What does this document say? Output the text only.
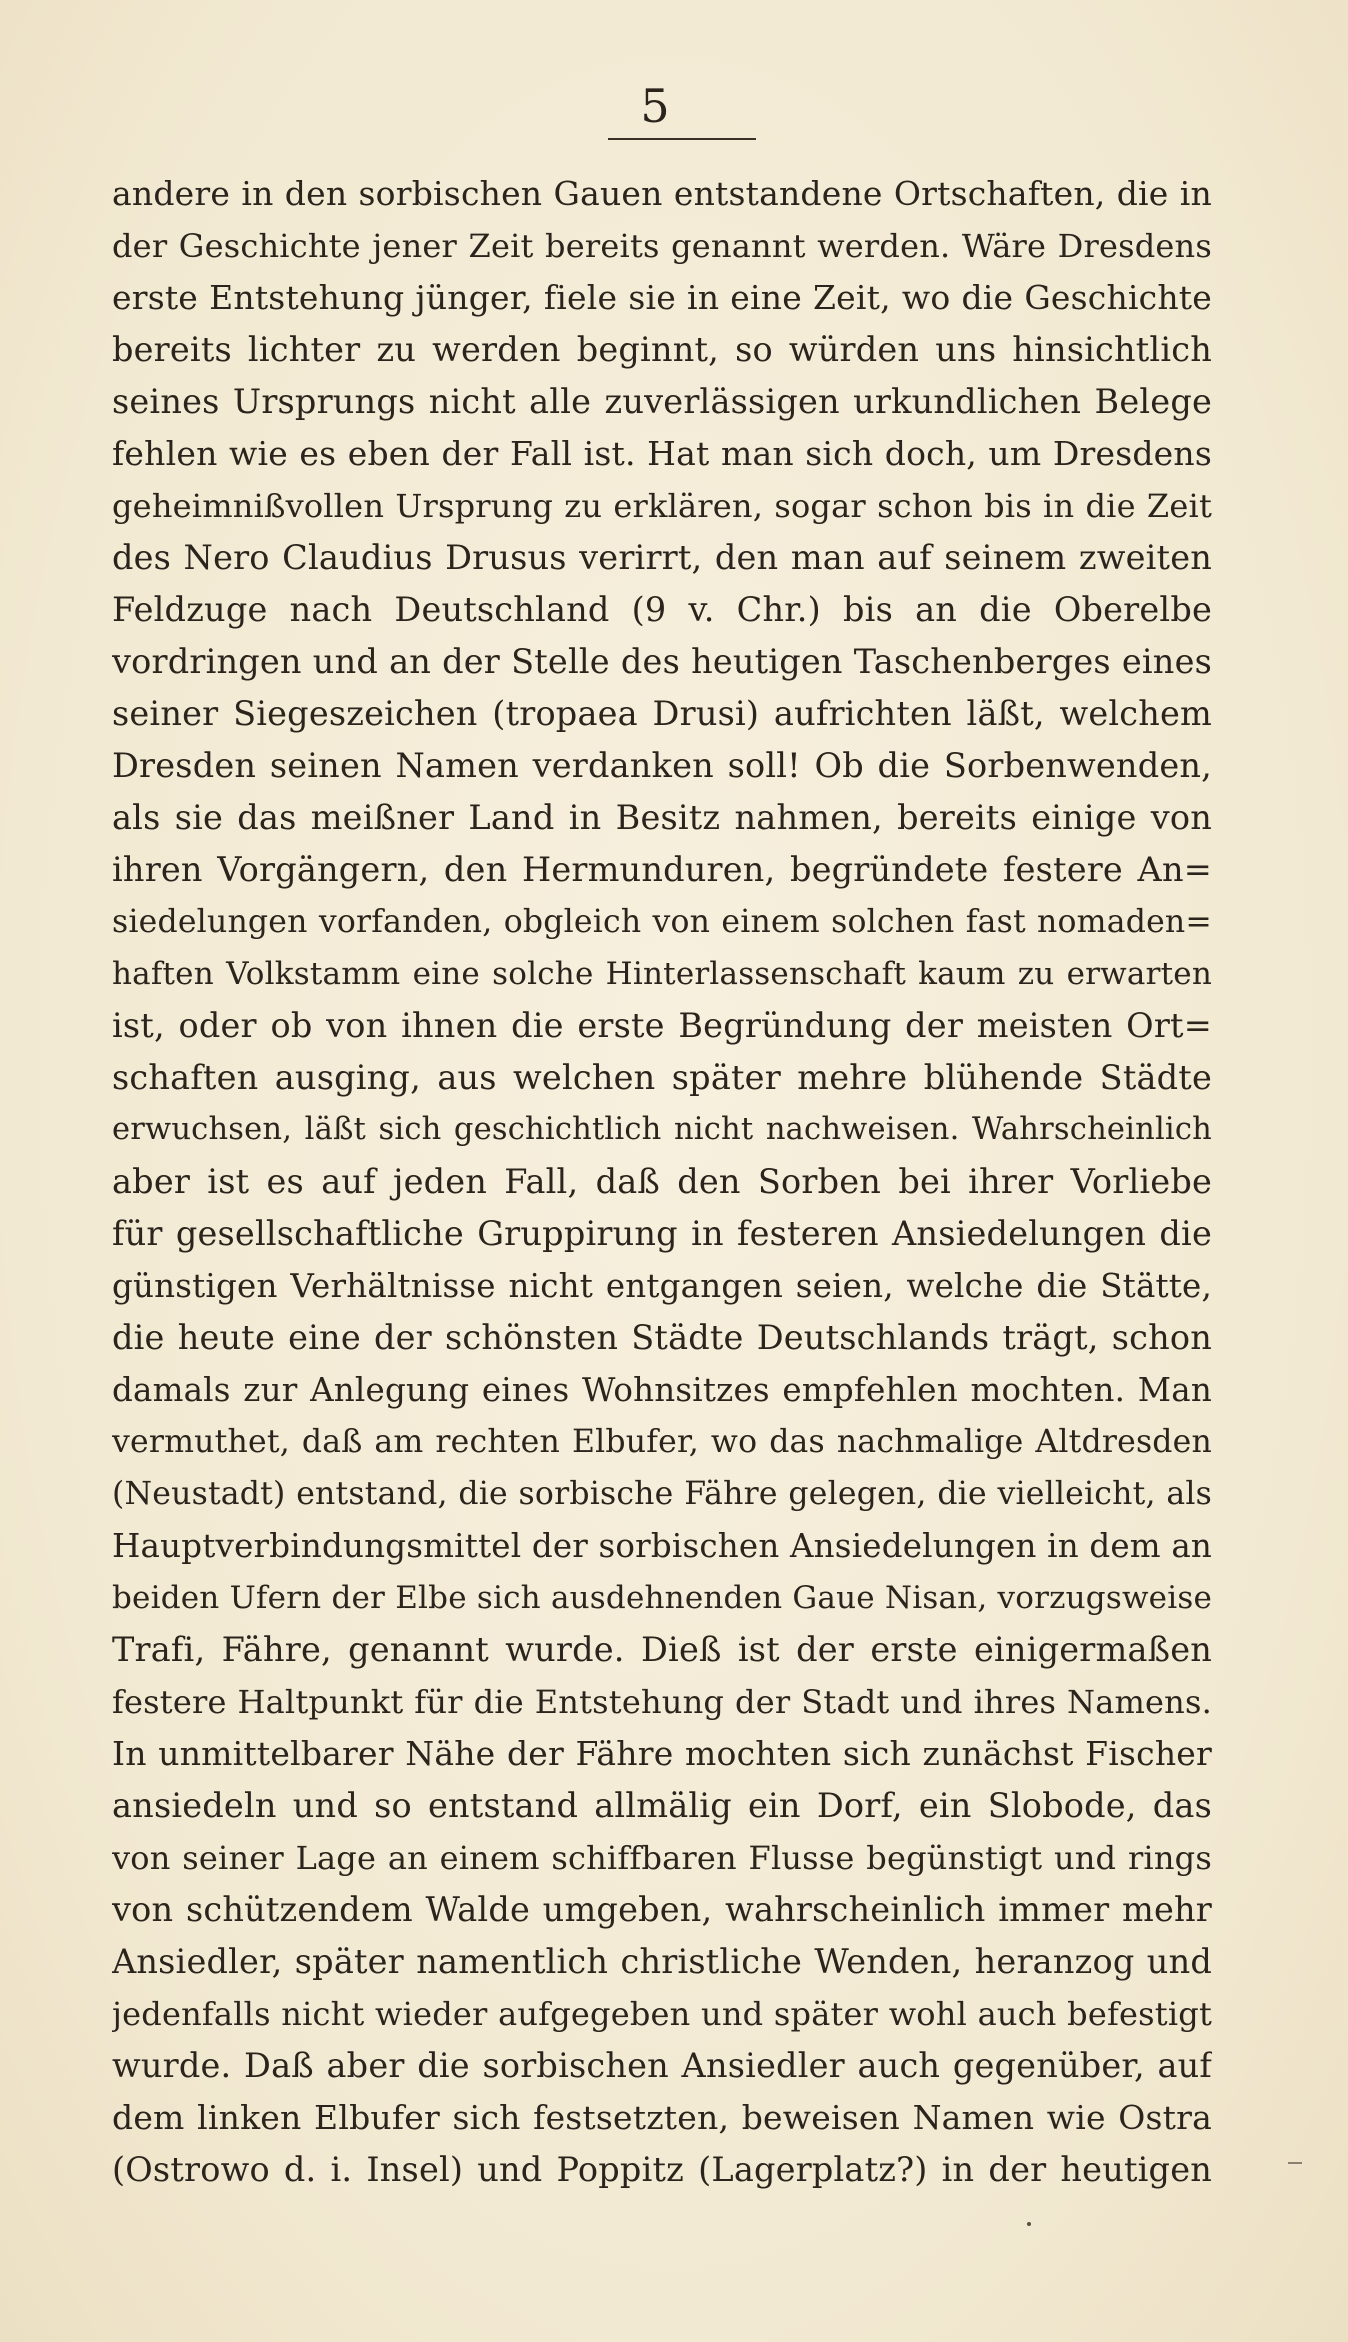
5
andere in den sorbischen Gauen entstandene Ortschaften, die in
der Geschichte jener Zeit bereits genannt werden. Wäre Dresdens
erste Entstehung jünger, fiele sie in eine Zeit, wo die Geschichte
bereits lichter zu werden beginnt, so würden uns hinsichtlich
seines Ursprungs nicht alle zuverlässigen urkundlichen Belege
fehlen wie es eben der Fall ist. Hat man sich doch, um Dresdens
geheimnißvollen Ursprung zu erklären, sogar schon bis in die Zeit
des Nero Claudius Drusus verirrt, den man auf seinem zweiten
Feldzuge nach Deutschland (9 v. Chr.) bis an die Oberelbe
vordringen und an der Stelle des heutigen Taschenberges eines
seiner Siegeszeichen (tropaea Drusi) aufrichten läßt, welchem
Dresden seinen Namen verdanken soll! Ob die Sorbenwenden,
als sie das meißner Land in Besitz nahmen, bereits einige von
ihren Vorgängern, den Hermunduren, begründete festere An=
siedelungen vorfanden, obgleich von einem solchen fast nomaden=
haften Volkstamm eine solche Hinterlassenschaft kaum zu erwarten
ist, oder ob von ihnen die erste Begründung der meisten Ort=
schaften ausging, aus welchen später mehre blühende Städte
erwuchsen, läßt sich geschichtlich nicht nachweisen. Wahrscheinlich
aber ist es auf jeden Fall, daß den Sorben bei ihrer Vorliebe
für gesellschaftliche Gruppirung in festeren Ansiedelungen die
günstigen Verhältnisse nicht entgangen seien, welche die Stätte,
die heute eine der schönsten Städte Deutschlands trägt, schon
damals zur Anlegung eines Wohnsitzes empfehlen mochten. Man
vermuthet, daß am rechten Elbufer, wo das nachmalige Altdresden
(Neustadt) entstand, die sorbische Fähre gelegen, die vielleicht, als
Hauptverbindungsmittel der sorbischen Ansiedelungen in dem an
beiden Ufern der Elbe sich ausdehnenden Gaue Nisan, vorzugsweise
Trafi, Fähre, genannt wurde. Dieß ist der erste einigermaßen
festere Haltpunkt für die Entstehung der Stadt und ihres Namens.
In unmittelbarer Nähe der Fähre mochten sich zunächst Fischer
ansiedeln und so entstand allmälig ein Dorf, ein Slobode, das
von seiner Lage an einem schiffbaren Flusse begünstigt und rings
von schützendem Walde umgeben, wahrscheinlich immer mehr
Ansiedler, später namentlich christliche Wenden, heranzog und
jedenfalls nicht wieder aufgegeben und später wohl auch befestigt
wurde. Daß aber die sorbischen Ansiedler auch gegenüber, auf
dem linken Elbufer sich festsetzten, beweisen Namen wie Ostra
(Ostrowo d. i. Insel) und Poppitz (Lagerplatz?) in der heutigen
